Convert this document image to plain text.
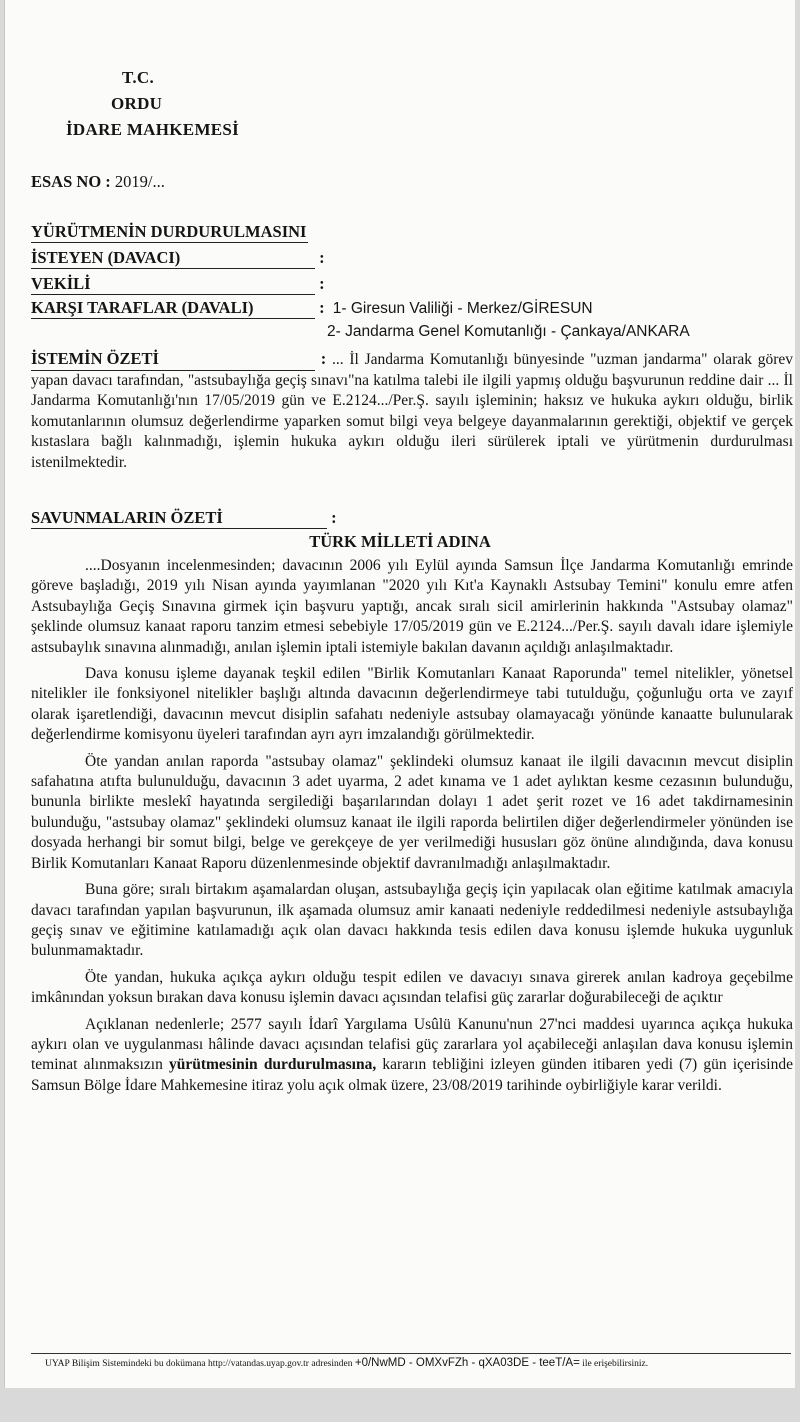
T.C.
ORDU
İDARE MAHKEMESİ
ESAS NO : 2019/...
YÜRÜTMENİN DURDURULMASINI
İSTEYEN (DAVACI)	:
VEKİLİ	:
KARŞI TARAFLAR (DAVALI)	: 1- Giresun Valiliği - Merkez/GİRESUN
2- Jandarma Genel Komutanlığı - Çankaya/ANKARA
İSTEMİN ÖZETİ	: ... İl Jandarma Komutanlığı bünyesinde "uzman jandarma" olarak görev yapan davacı tarafından, "astsubaylığa geçiş sınavı"na katılma talebi ile ilgili yapmış olduğu başvurunun reddine dair ... İl Jandarma Komutanlığı'nın 17/05/2019 gün ve E.2124.../Per.Ş. sayılı işleminin; haksız ve hukuka aykırı olduğu, birlik komutanlarının olumsuz değerlendirme yaparken somut bilgi veya belgeye dayanmalarının gerektiği, objektif ve gerçek kıstaslara bağlı kalınmadığı, işlemin hukuka aykırı olduğu ileri sürülerek iptali ve yürütmenin durdurulması istenilmektedir.
SAVUNMALARIN ÖZETİ	:
TÜRK MİLLETİ ADINA

....Dosyanın incelenmesinden; davacının 2006 yılı Eylül ayında Samsun İlçe Jandarma Komutanlığı emrinde göreve başladığı, 2019 yılı Nisan ayında yayımlanan "2020 yılı Kıt'a Kaynaklı Astsubay Temini" konulu emre atfen Astsubaylığa Geçiş Sınavına girmek için başvuru yaptığı, ancak sıralı sicil amirlerinin hakkında "Astsubay olamaz" şeklinde olumsuz kanaat raporu tanzim etmesi sebebiyle 17/05/2019 gün ve E.2124.../Per.Ş. sayılı davalı idare işlemiyle astsubaylık sınavına alınmadığı, anılan işlemin iptali istemiyle bakılan davanın açıldığı anlaşılmaktadır.

Dava konusu işleme dayanak teşkil edilen "Birlik Komutanları Kanaat Raporunda" temel nitelikler, yönetsel nitelikler ile fonksiyonel nitelikler başlığı altında davacının değerlendirmeye tabi tutulduğu, çoğunluğu orta ve zayıf olarak işaretlendiği, davacının mevcut disiplin safahatı nedeniyle astsubay olamayacağı yönünde kanaatte bulunularak değerlendirme komisyonu üyeleri tarafından ayrı ayrı imzalandığı görülmektedir.

Öte yandan anılan raporda "astsubay olamaz" şeklindeki olumsuz kanaat ile ilgili davacının mevcut disiplin safahatına atıfta bulunulduğu, davacının 3 adet uyarma, 2 adet kınama ve 1 adet aylıktan kesme cezasının bulunduğu, bununla birlikte meslekî hayatında sergilediği başarılarından dolayı 1 adet şerit rozet ve 16 adet takdirnamesinin bulunduğu, "astsubay olamaz" şeklindeki olumsuz kanaat ile ilgili raporda belirtilen diğer değerlendirmeler yönünden ise dosyada herhangi bir somut bilgi, belge ve gerekçeye de yer verilmediği hususları göz önüne alındığında, dava konusu Birlik Komutanları Kanaat Raporu düzenlenmesinde objektif davranılmadığı anlaşılmaktadır.

Buna göre; sıralı birtakım aşamalardan oluşan, astsubaylığa geçiş için yapılacak olan eğitime katılmak amacıyla davacı tarafından yapılan başvurunun, ilk aşamada olumsuz amir kanaati nedeniyle reddedilmesi nedeniyle astsubaylığa geçiş sınav ve eğitimine katılamadığı açık olan davacı hakkında tesis edilen dava konusu işlemde hukuka uygunluk bulunmamaktadır.

Öte yandan, hukuka açıkça aykırı olduğu tespit edilen ve davacıyı sınava girerek anılan kadroya geçebilme imkânından yoksun bırakan dava konusu işlemin davacı açısından telafisi güç zararlar doğurabileceği de açıktır

Açıklanan nedenlerle; 2577 sayılı İdarî Yargılama Usûlü Kanunu'nun 27'nci maddesi uyarınca açıkça hukuka aykırı olan ve uygulanması hâlinde davacı açısından telafisi güç zararlara yol açabileceği anlaşılan dava konusu işlemin teminat alınmaksızın yürütmesinin durdurulmasına, kararın tebliğini izleyen günden itibaren yedi (7) gün içerisinde Samsun Bölge İdare Mahkemesine itiraz yolu açık olmak üzere, 23/08/2019 tarihinde oybirliğiyle karar verildi.

UYAP Bilişim Sistemindeki bu dokümana http://vatandas.uyap.gov.tr adresinden +0/NwMD - OMXvFZh - qXA03DE - teeT/A= ile erişebilirsiniz.
